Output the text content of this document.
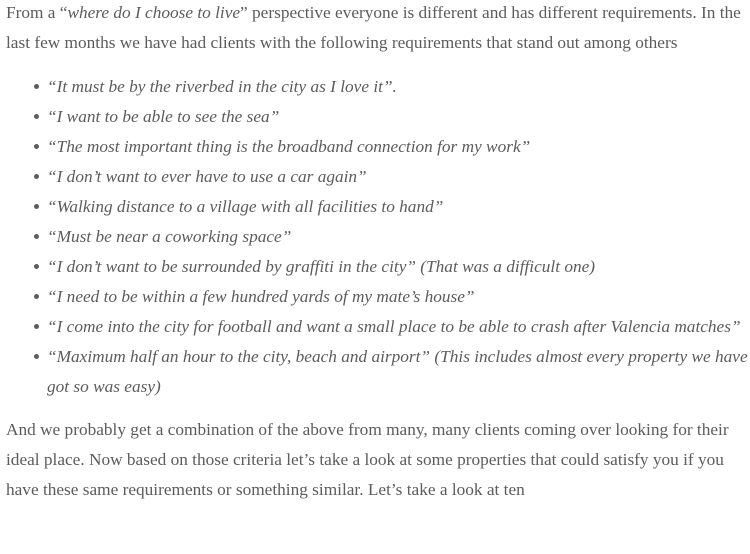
From a “where do I choose to live” perspective everyone is different and has different requirements. In the last few months we have had clients with the following requirements that stand out among others

“It must be by the riverbed in the city as I love it”.
“I want to be able to see the sea”
“The most important thing is the broadband connection for my work”
“I don’t want to ever have to use a car again”
“Walking distance to a village with all facilities to hand”
“Must be near a coworking space”
“I don’t want to be surrounded by graffiti in the city” (That was a difficult one)
“I need to be within a few hundred yards of my mate’s house”
“I come into the city for football and want a small place to be able to crash after Valencia matches”
“Maximum half an hour to the city, beach and airport” (This includes almost every property we have got so was easy)

And we probably get a combination of the above from many, many clients coming over looking for their ideal place. Now based on those criteria let’s take a look at some properties that could satisfy you if you have these same requirements or something similar. Let’s take a look at ten
